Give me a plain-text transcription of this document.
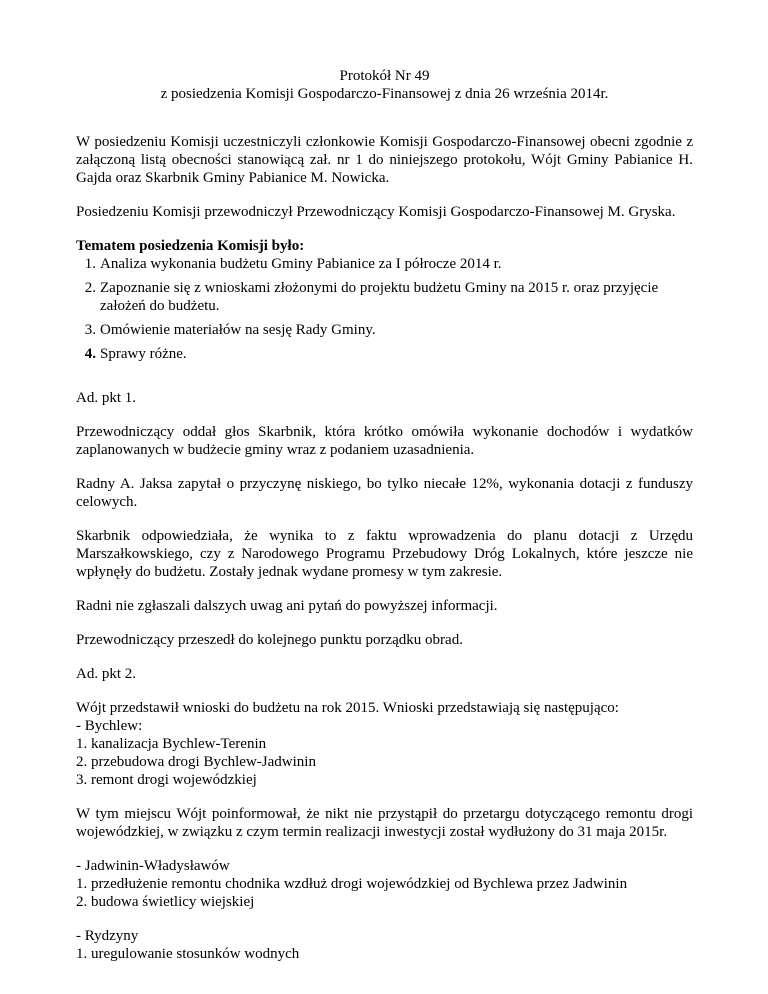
Protokół Nr 49

z posiedzenia Komisji Gospodarczo-Finansowej z dnia 26 września 2014r.

W posiedzeniu Komisji uczestniczyli członkowie Komisji Gospodarczo-Finansowej obecni zgodnie z załączoną listą obecności stanowiącą zał. nr 1 do niniejszego protokołu, Wójt Gminy Pabianice H. Gajda oraz Skarbnik Gminy Pabianice M. Nowicka.

Posiedzeniu Komisji przewodniczył Przewodniczący Komisji Gospodarczo-Finansowej M. Gryska.

Tematem posiedzenia Komisji było:

1. Analiza wykonania budżetu Gminy Pabianice za I półrocze 2014 r.
2. Zapoznanie się z wnioskami złożonymi do projektu budżetu Gminy na 2015 r. oraz przyjęcie założeń do budżetu.
3. Omówienie materiałów na sesję Rady Gminy.
4. Sprawy różne.

Ad. pkt 1.

Przewodniczący oddał głos Skarbnik, która krótko omówiła wykonanie dochodów i wydatków zaplanowanych w budżecie gminy wraz z podaniem uzasadnienia.

Radny A. Jaksa zapytał o przyczynę niskiego, bo tylko niecałe 12%, wykonania dotacji z funduszy celowych.

Skarbnik odpowiedziała, że wynika to z faktu wprowadzenia do planu dotacji z Urzędu Marszałkowskiego, czy z Narodowego Programu Przebudowy Dróg Lokalnych, które jeszcze nie wpłynęły do budżetu. Zostały jednak wydane promesy w tym zakresie.

Radni nie zgłaszali dalszych uwag ani pytań do powyższej informacji.

Przewodniczący przeszedł do kolejnego punktu porządku obrad.

Ad. pkt 2.

Wójt przedstawił wnioski do budżetu na rok 2015. Wnioski przedstawiają się następująco:

- Bychlew:

1. kanalizacja Bychlew-Terenin

2. przebudowa drogi Bychlew-Jadwinin

3. remont drogi wojewódzkiej

W tym miejscu Wójt poinformował, że nikt nie przystąpił do przetargu dotyczącego remontu drogi wojewódzkiej, w związku z czym termin realizacji inwestycji został wydłużony do 31 maja 2015r.

- Jadwinin-Władysławów

1. przedłużenie remontu chodnika wzdłuż drogi wojewódzkiej od Bychlewa przez Jadwinin

2. budowa świetlicy wiejskiej

- Rydzyny

1. uregulowanie stosunków wodnych
